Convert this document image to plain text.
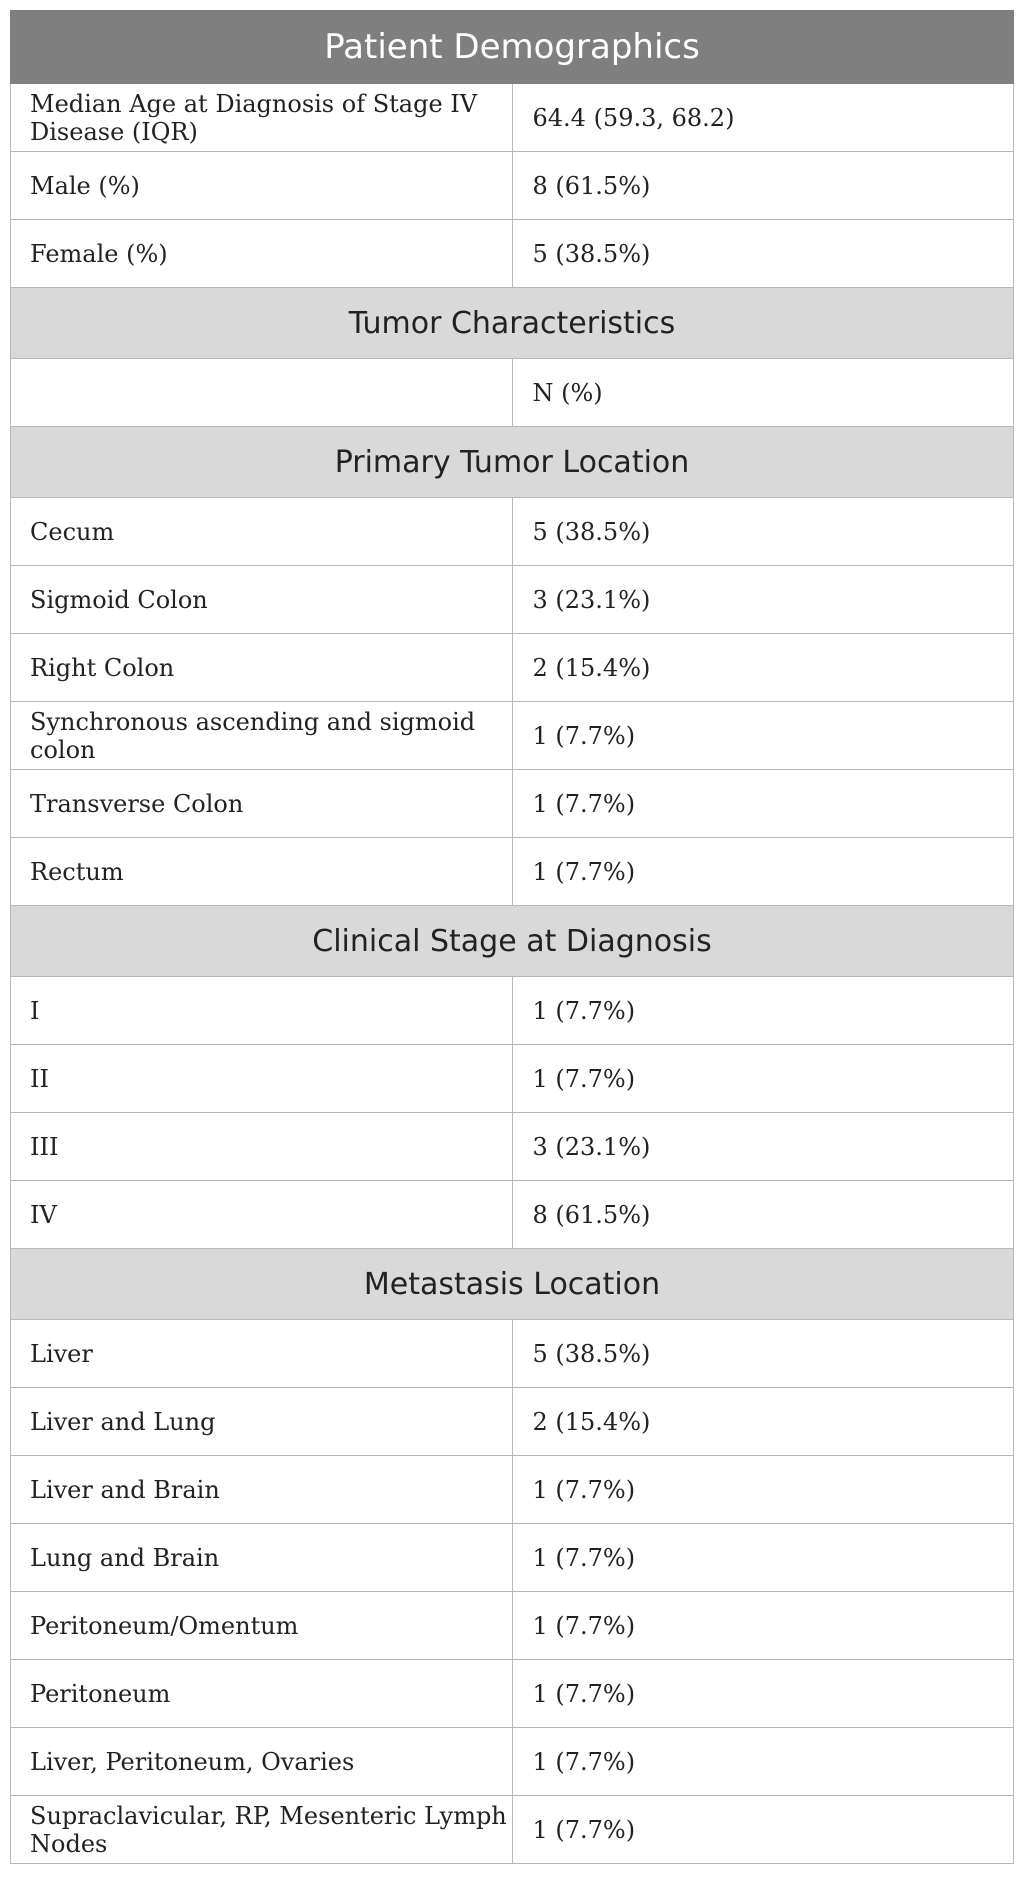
Patient Demographics	
Median Age at Diagnosis of Stage IV Disease (IQR)	64.4 (59.3, 68.2)
Male (%)	8 (61.5%)
Female (%)	5 (38.5%)
Tumor Characteristics	
	N (%)
Primary Tumor Location	
Cecum	5 (38.5%)
Sigmoid Colon	3 (23.1%)
Right Colon	2 (15.4%)
Synchronous ascending and sigmoid colon	1 (7.7%)
Transverse Colon	1 (7.7%)
Rectum	1 (7.7%)
Clinical Stage at Diagnosis	
I	1 (7.7%)
II	1 (7.7%)
III	3 (23.1%)
IV	8 (61.5%)
Metastasis Location	
Liver	5 (38.5%)
Liver and Lung	2 (15.4%)
Liver and Brain	1 (7.7%)
Lung and Brain	1 (7.7%)
Peritoneum/Omentum	1 (7.7%)
Peritoneum	1 (7.7%)
Liver, Peritoneum, Ovaries	1 (7.7%)
Supraclavicular, RP, Mesenteric Lymph Nodes	1 (7.7%)
